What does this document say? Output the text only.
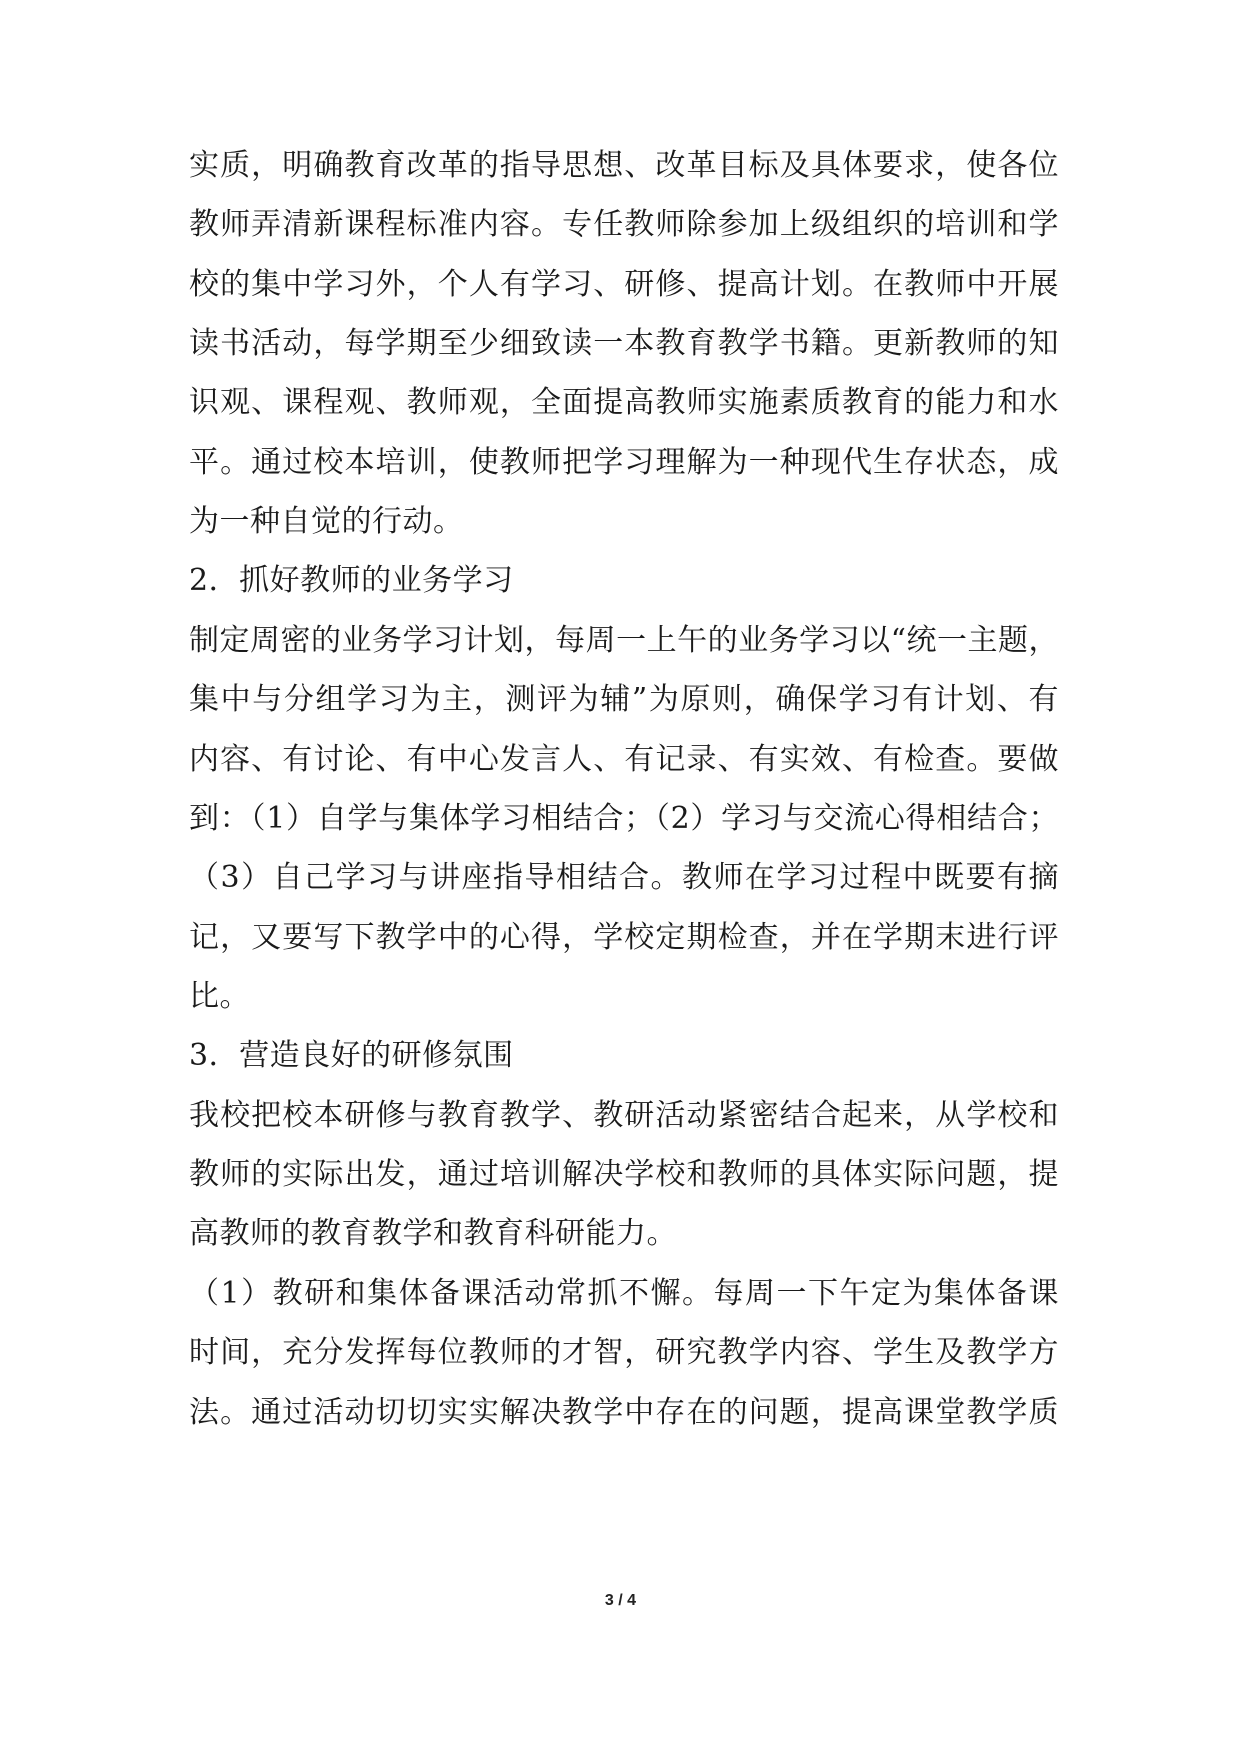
实质，明确教育改革的指导思想、改革目标及具体要求，使各位
教师弄清新课程标准内容。专任教师除参加上级组织的培训和学
校的集中学习外，个人有学习、研修、提高计划。在教师中开展
读书活动，每学期至少细致读一本教育教学书籍。更新教师的知
识观、课程观、教师观，全面提高教师实施素质教育的能力和水
平。通过校本培训，使教师把学习理解为一种现代生存状态，成
为一种自觉的行动。
2．抓好教师的业务学习
制定周密的业务学习计划，每周一上午的业务学习以“统一主题，
集中与分组学习为主，测评为辅”为原则，确保学习有计划、有
内容、有讨论、有中心发言人、有记录、有实效、有检查。要做
到：（1）自学与集体学习相结合；（2）学习与交流心得相结合；
（3）自己学习与讲座指导相结合。教师在学习过程中既要有摘
记，又要写下教学中的心得，学校定期检查，并在学期末进行评
比。
3．营造良好的研修氛围
我校把校本研修与教育教学、教研活动紧密结合起来，从学校和
教师的实际出发，通过培训解决学校和教师的具体实际问题，提
高教师的教育教学和教育科研能力。
（1）教研和集体备课活动常抓不懈。每周一下午定为集体备课
时间，充分发挥每位教师的才智，研究教学内容、学生及教学方
法。通过活动切切实实解决教学中存在的问题，提高课堂教学质
3 / 4
